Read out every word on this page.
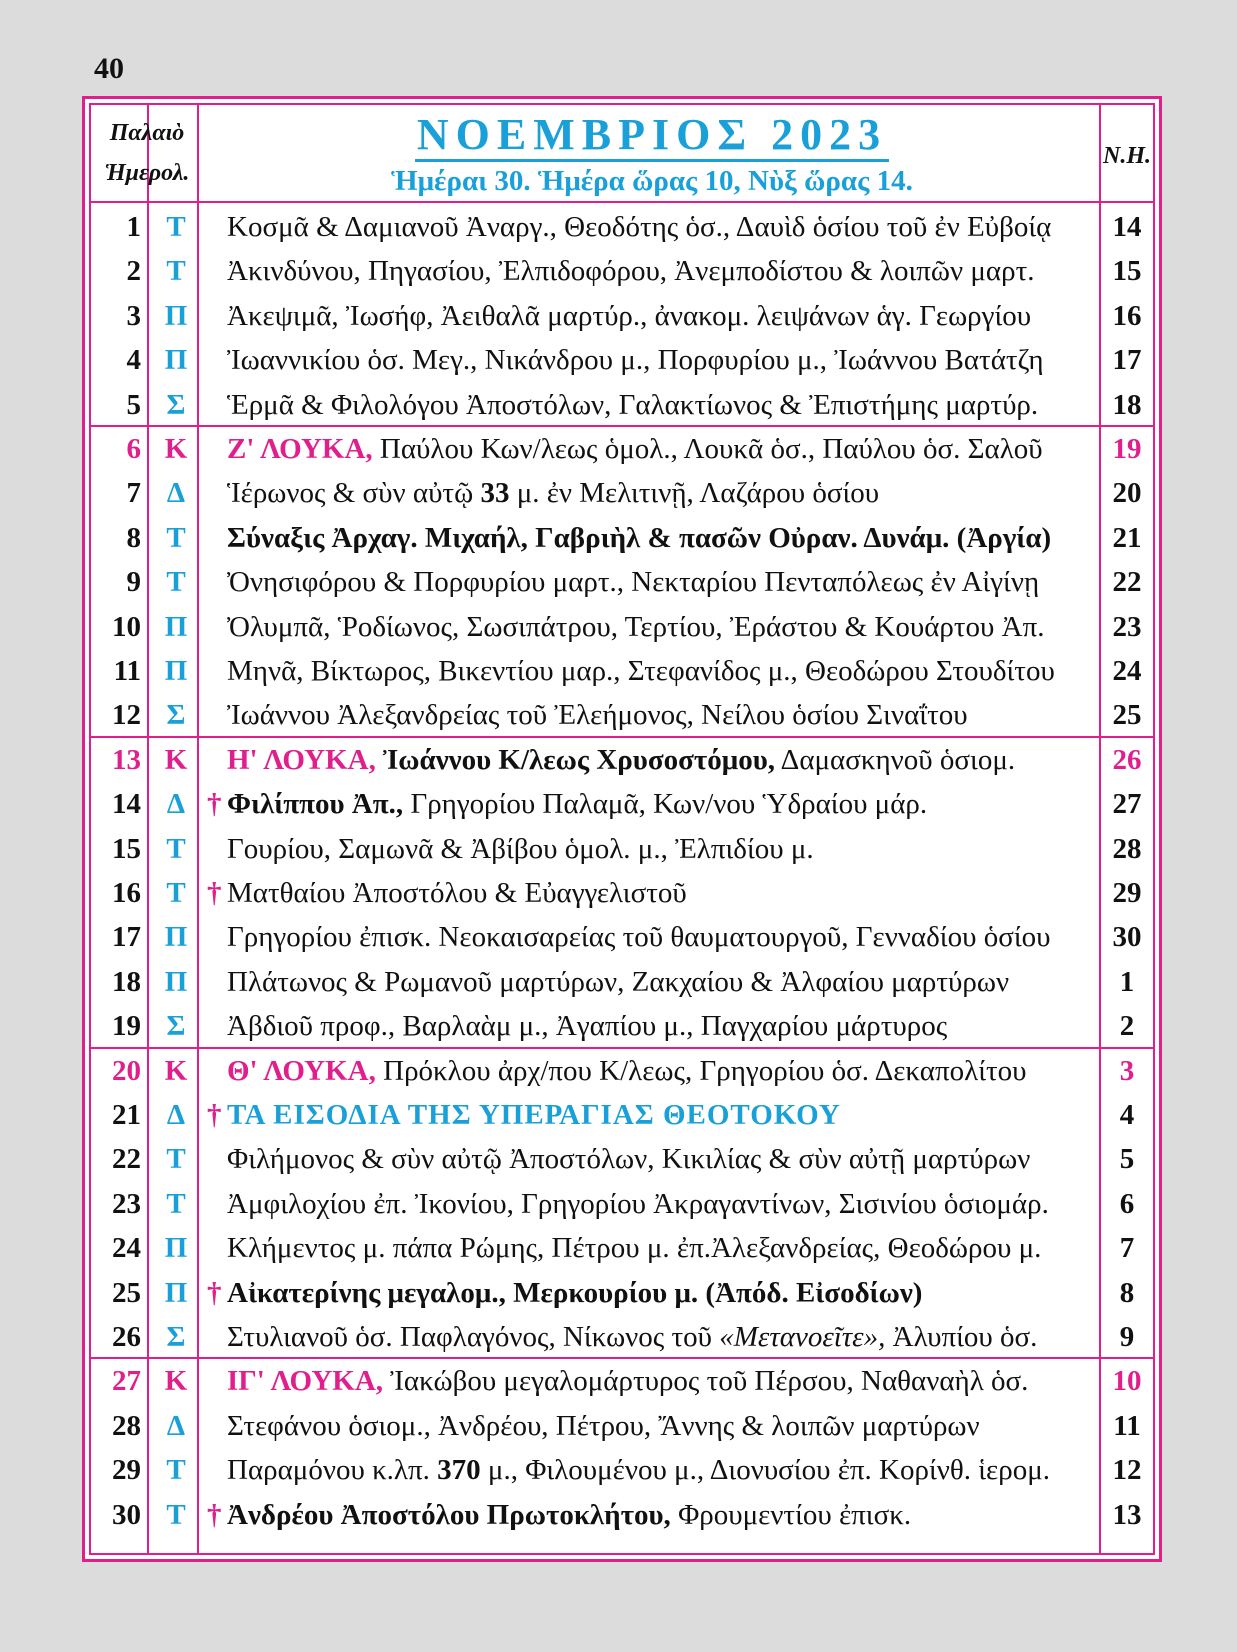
40
Παλαιὸ
Ἡμερολ.
ΝΟΕΜΒΡΙΟΣ 2023
Ἡμέραι 30. Ἡμέρα ὥρας 10, Νὺξ ὥρας 14.
Ν.Η.
1 Τ	Κοσμᾶ & Δαμιανοῦ Ἀναργ., Θεοδότης ὁσ., Δαυὶδ ὁσίου τοῦ ἐν Εὐβοίᾳ	14
2 Τ	Ἀκινδύνου, Πηγασίου, Ἐλπιδοφόρου, Ἀνεμποδίστου & λοιπῶν μαρτ.	15
3 Π	Ἀκεψιμᾶ, Ἰωσήφ, Ἀειθαλᾶ μαρτύρ., ἀνακομ. λειψάνων ἁγ. Γεωργίου	16
4 Π	Ἰωαννικίου ὁσ. Μεγ., Νικάνδρου μ., Πορφυρίου μ., Ἰωάννου Βατάτζη	17
5 Σ	Ἑρμᾶ & Φιλολόγου Ἀποστόλων, Γαλακτίωνος & Ἐπιστήμης μαρτύρ.	18
6 Κ	Ζ' ΛΟΥΚΑ, Παύλου Κων/λεως ὁμολ., Λουκᾶ ὁσ., Παύλου ὁσ. Σαλοῦ	19
7 Δ	Ἱέρωνος & σὺν αὐτῷ 33 μ. ἐν Μελιτινῇ, Λαζάρου ὁσίου	20
8 Τ	Σύναξις Ἀρχαγ. Μιχαήλ, Γαβριὴλ & πασῶν Οὐραν. Δυνάμ. (Ἀργία)	21
9 Τ	Ὀνησιφόρου & Πορφυρίου μαρτ., Νεκταρίου Πενταπόλεως ἐν Αἰγίνῃ	22
10 Π	Ὀλυμπᾶ, Ῥοδίωνος, Σωσιπάτρου, Τερτίου, Ἐράστου & Κουάρτου Ἀπ.	23
11 Π	Μηνᾶ, Βίκτωρος, Βικεντίου μαρ., Στεφανίδος μ., Θεοδώρου Στουδίτου	24
12 Σ	Ἰωάννου Ἀλεξανδρείας τοῦ Ἐλεήμονος, Νείλου ὁσίου Σιναΐτου	25
13 Κ	Η' ΛΟΥΚΑ, Ἰωάννου Κ/λεως Χρυσοστόμου, Δαμασκηνοῦ ὁσιομ.	26
14 Δ † Φιλίππου Ἀπ., Γρηγορίου Παλαμᾶ, Κων/νου Ὑδραίου μάρ.	27
15 Τ	Γουρίου, Σαμωνᾶ & Ἀβίβου ὁμολ. μ., Ἐλπιδίου μ.	28
16 Τ † Ματθαίου Ἀποστόλου & Εὐαγγελιστοῦ	29
17 Π	Γρηγορίου ἐπισκ. Νεοκαισαρείας τοῦ θαυματουργοῦ, Γενναδίου ὁσίου	30
18 Π	Πλάτωνος & Ρωμανοῦ μαρτύρων, Ζακχαίου & Ἀλφαίου μαρτύρων	1
19 Σ	Ἀβδιοῦ προφ., Βαρλαὰμ μ., Ἀγαπίου μ., Παγχαρίου μάρτυρος	2
20 Κ	Θ' ΛΟΥΚΑ, Πρόκλου ἀρχ/που Κ/λεως, Γρηγορίου ὁσ. Δεκαπολίτου	3
21 Δ † ΤΑ ΕΙΣΟΔΙΑ ΤΗΣ ΥΠΕΡΑΓΙΑΣ ΘΕΟΤΟΚΟΥ	4
22 Τ	Φιλήμονος & σὺν αὐτῷ Ἀποστόλων, Κικιλίας & σὺν αὐτῇ μαρτύρων	5
23 Τ	Ἀμφιλοχίου ἐπ. Ἰκονίου, Γρηγορίου Ἀκραγαντίνων, Σισινίου ὁσιομάρ.	6
24 Π	Κλήμεντος μ. πάπα Ρώμης, Πέτρου μ. ἐπ.Ἀλεξανδρείας, Θεοδώρου μ.	7
25 Π † Αἰκατερίνης μεγαλομ., Μερκουρίου μ. (Ἀπόδ. Εἰσοδίων)	8
26 Σ	Στυλιανοῦ ὁσ. Παφλαγόνος, Νίκωνος τοῦ «Μετανοεῖτε», Ἀλυπίου ὁσ.	9
27 Κ	ΙΓ' ΛΟΥΚΑ, Ἰακώβου μεγαλομάρτυρος τοῦ Πέρσου, Ναθαναὴλ ὁσ.	10
28 Δ	Στεφάνου ὁσιομ., Ἀνδρέου, Πέτρου, Ἄννης & λοιπῶν μαρτύρων	11
29 Τ	Παραμόνου κ.λπ. 370 μ., Φιλουμένου μ., Διονυσίου ἐπ. Κορίνθ. ἱερομ.	12
30 Τ † Ἀνδρέου Ἀποστόλου Πρωτοκλήτου, Φρουμεντίου ἐπισκ.	13
